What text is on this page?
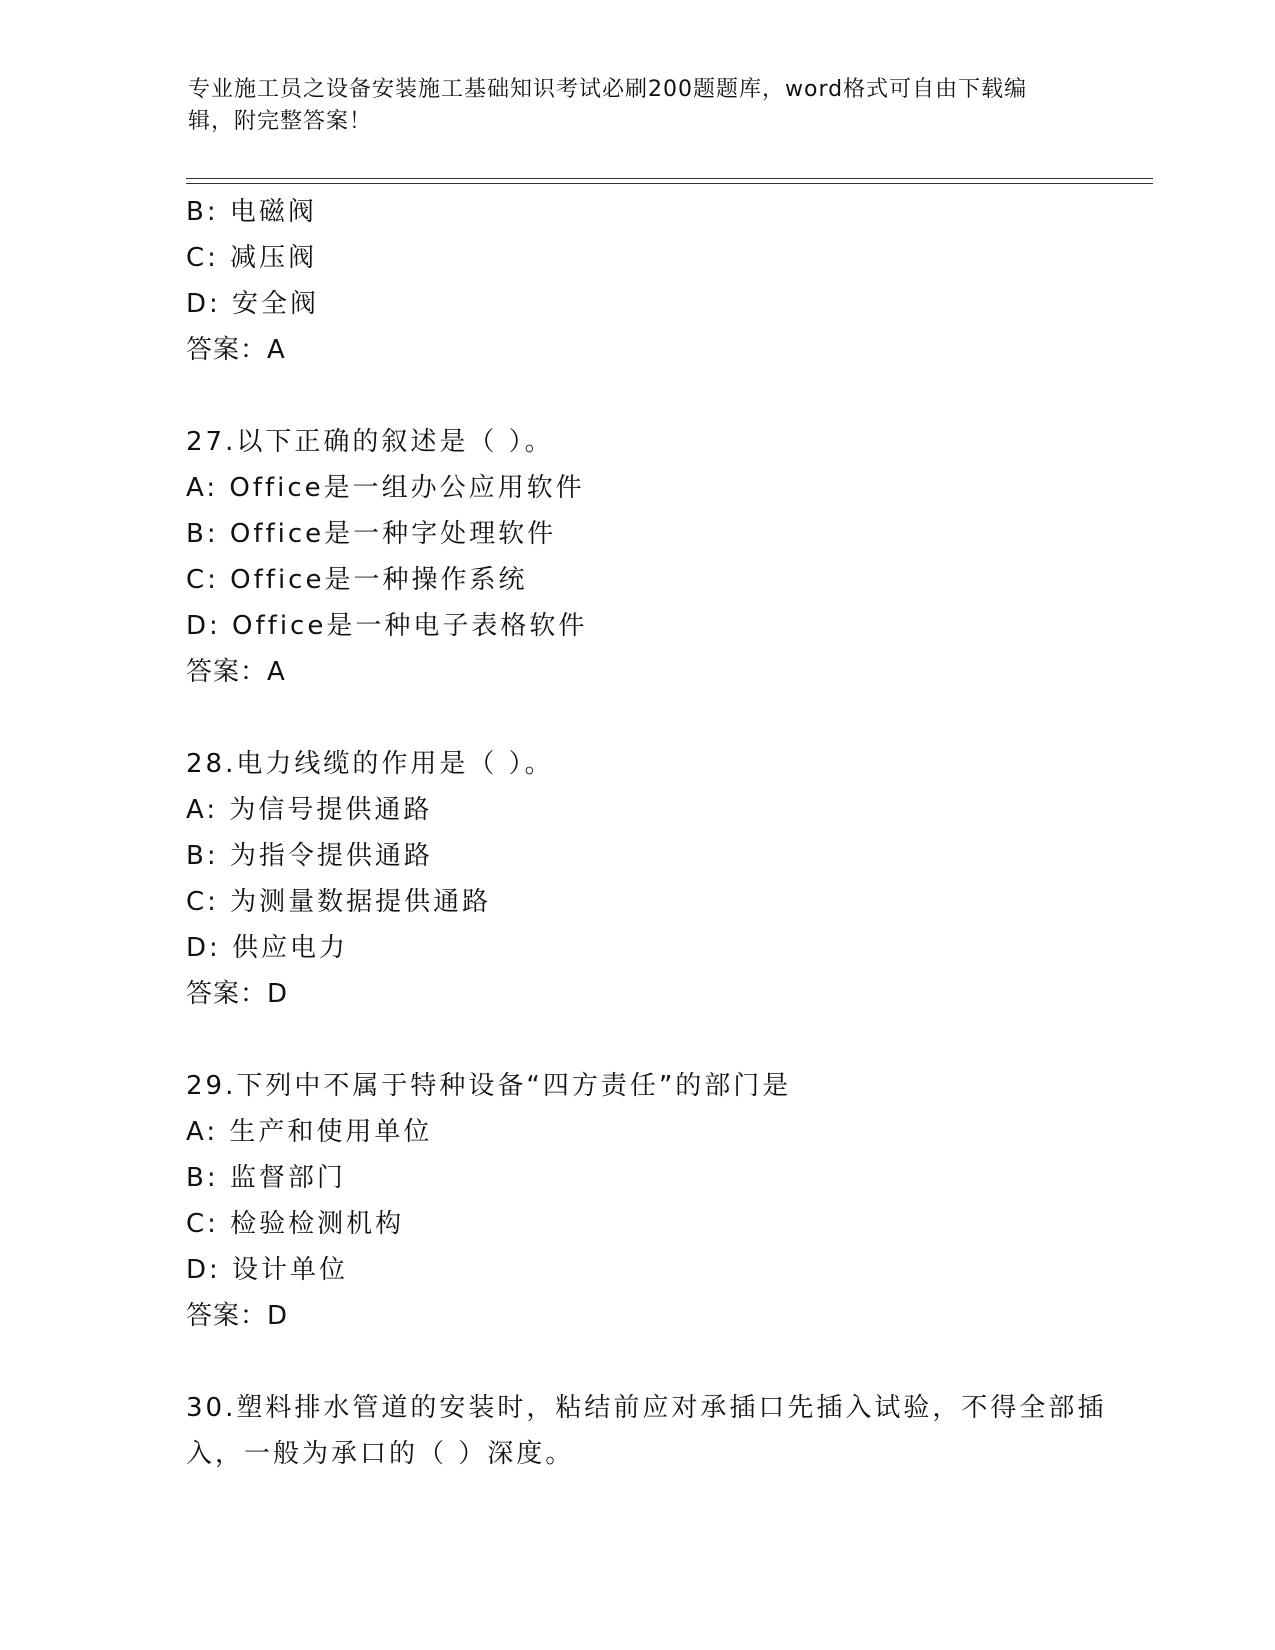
专业施工员之设备安装施工基础知识考试必刷200题题库，word格式可自由下载编辑，附完整答案！
B: 电磁阀
C: 减压阀
D: 安全阀
答案：A
27.以下正确的叙述是（ ）。
A: Office是一组办公应用软件
B: Office是一种字处理软件
C: Office是一种操作系统
D: Office是一种电子表格软件
答案：A
28.电力线缆的作用是（ ）。
A: 为信号提供通路
B: 为指令提供通路
C: 为测量数据提供通路
D: 供应电力
答案：D
29.下列中不属于特种设备“四方责任”的部门是
A: 生产和使用单位
B: 监督部门
C: 检验检测机构
D: 设计单位
答案：D
30.塑料排水管道的安装时，粘结前应对承插口先插入试验，不得全部插入，一般为承口的（ ）深度。
